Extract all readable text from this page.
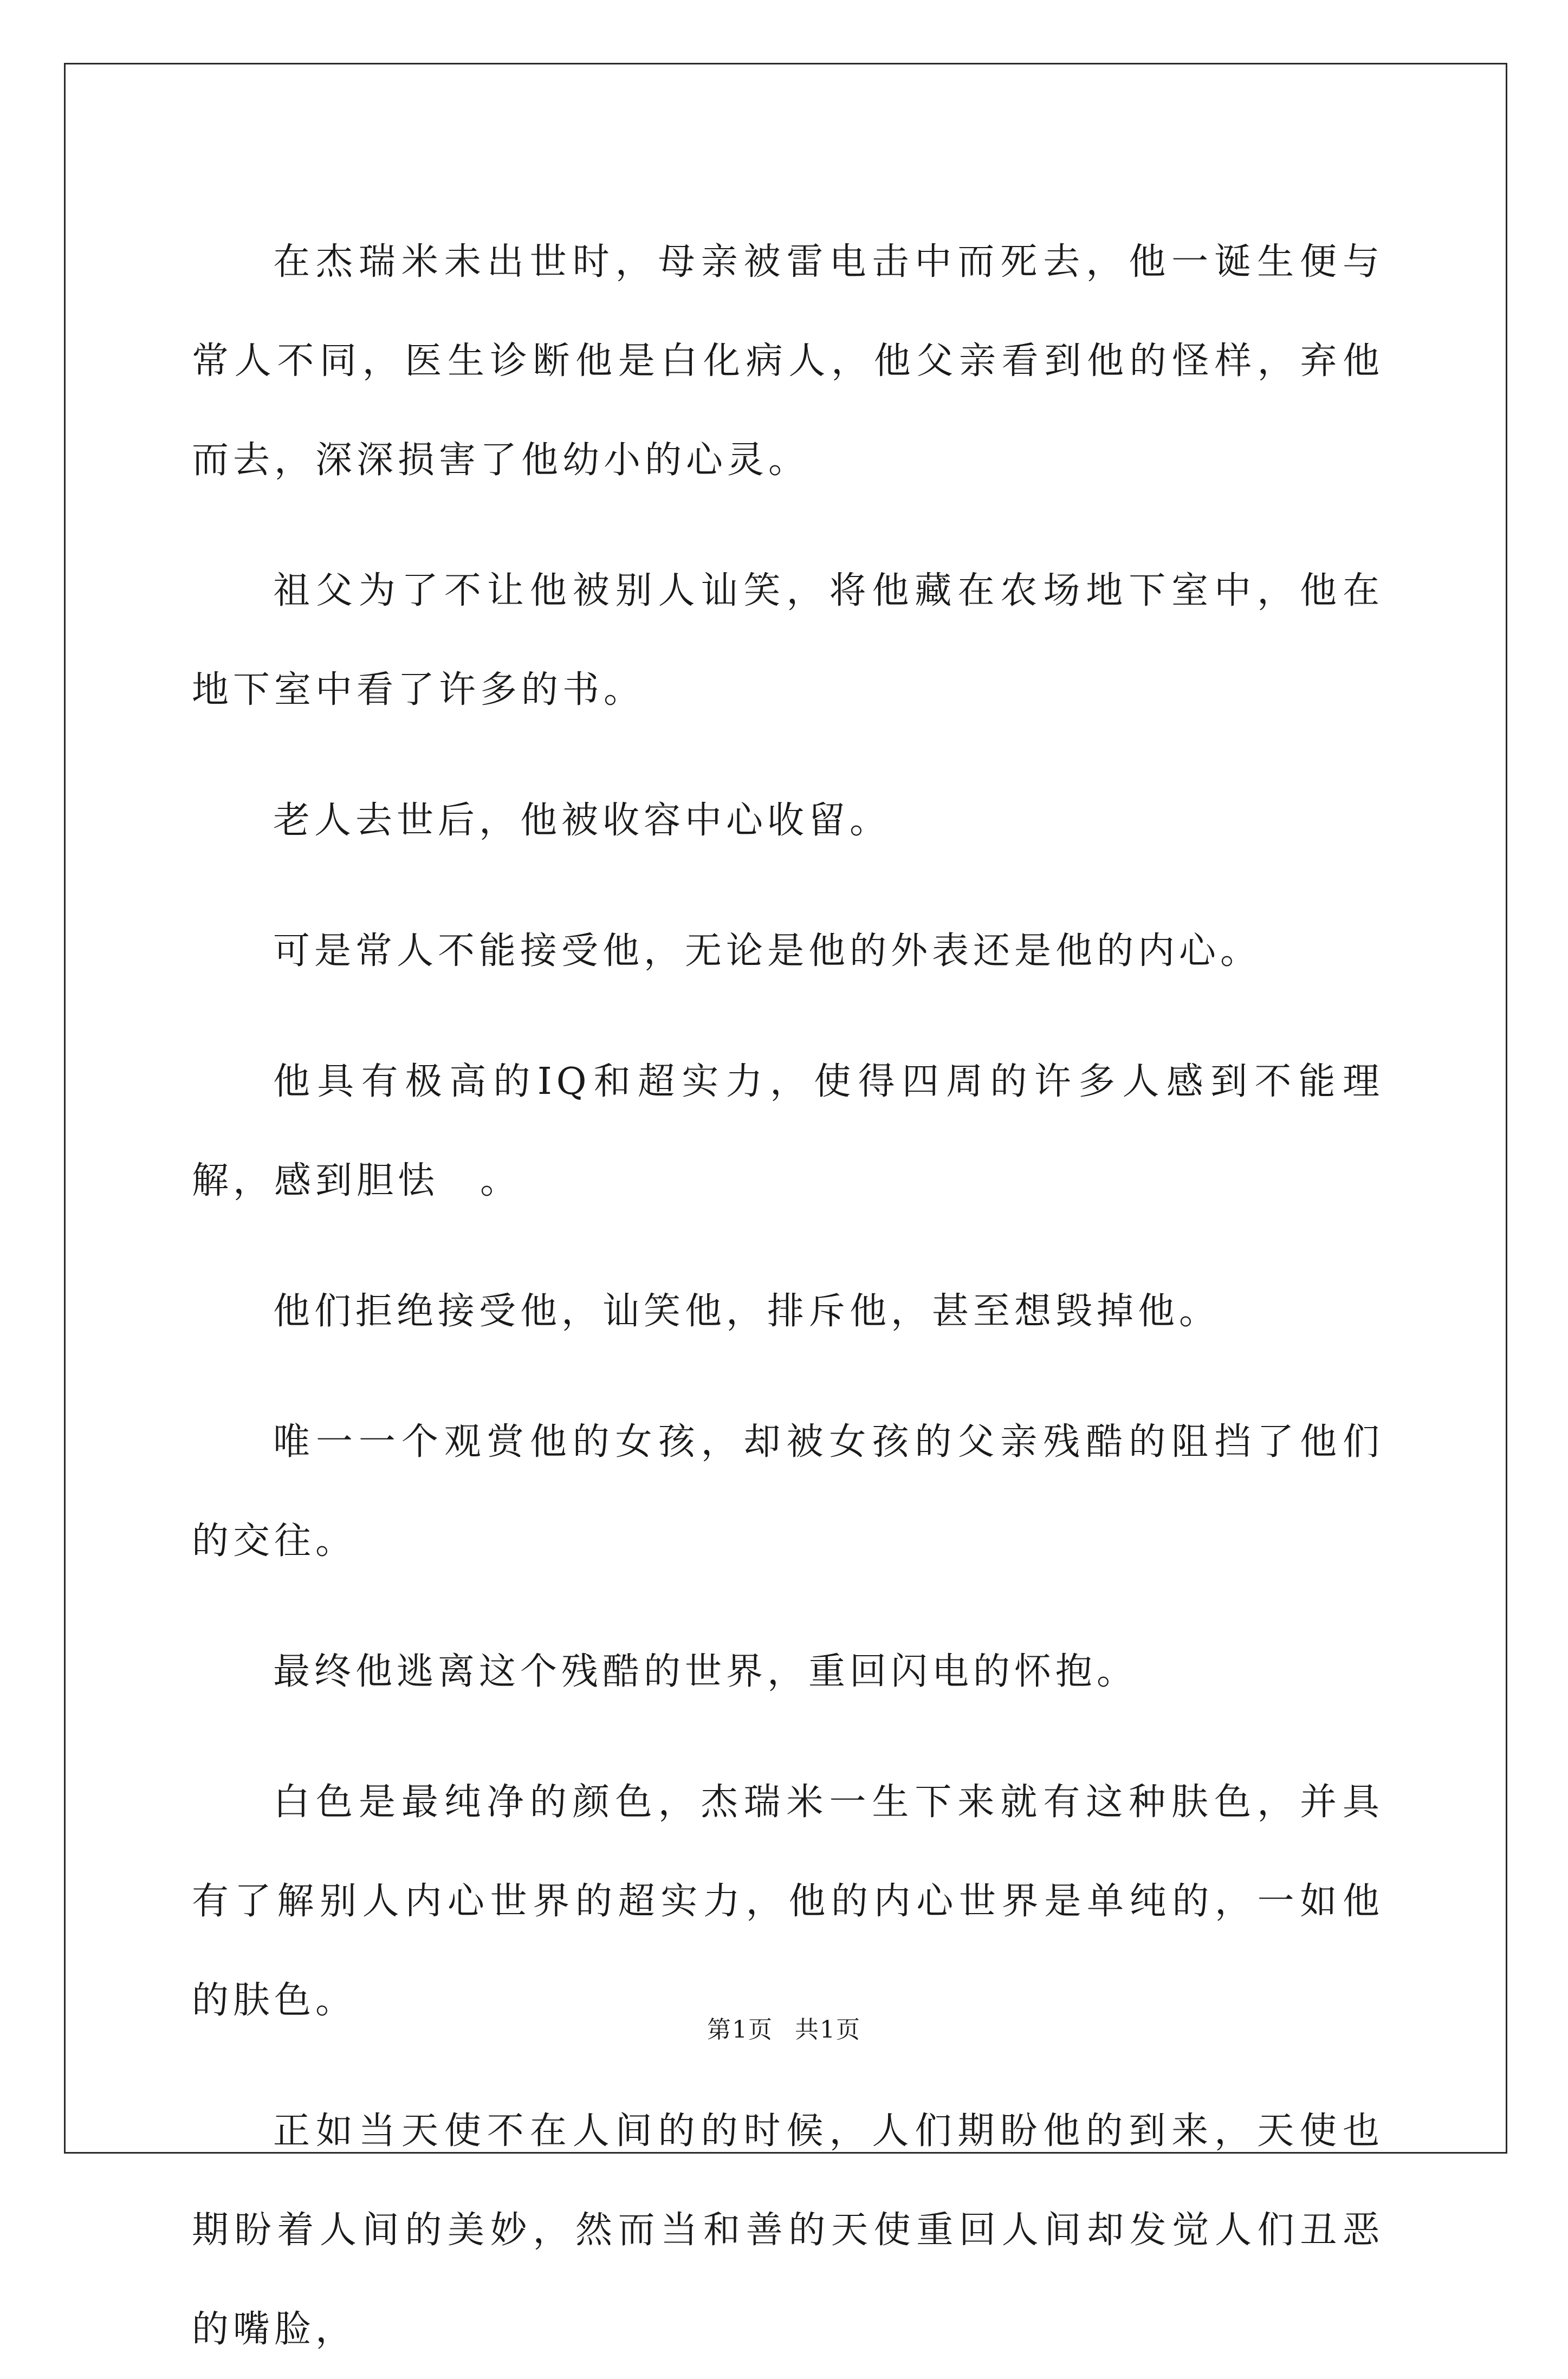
在杰瑞米未出世时，母亲被雷电击中而死去，他一诞生便与常人不同，医生诊断他是白化病人，他父亲看到他的怪样，弃他而去，深深损害了他幼小的心灵。

祖父为了不让他被别人讪笑，将他藏在农场地下室中，他在地下室中看了许多的书。

老人去世后，他被收容中心收留。

可是常人不能接受他，无论是他的外表还是他的内心。

他具有极高的IQ和超实力，使得四周的许多人感到不能理解，感到胆怯　。

他们拒绝接受他，讪笑他，排斥他，甚至想毁掉他。

唯一一个观赏他的女孩，却被女孩的父亲残酷的阻挡了他们的交往。

最终他逃离这个残酷的世界，重回闪电的怀抱。

白色是最纯净的颜色，杰瑞米一生下来就有这种肤色，并具有了解别人内心世界的超实力，他的内心世界是单纯的，一如他的肤色。

正如当天使不在人间的的时候，人们期盼他的到来，天使也期盼着人间的美妙，然而当和善的天使重回人间却发觉人们丑恶的嘴脸，

第1页 共1页
